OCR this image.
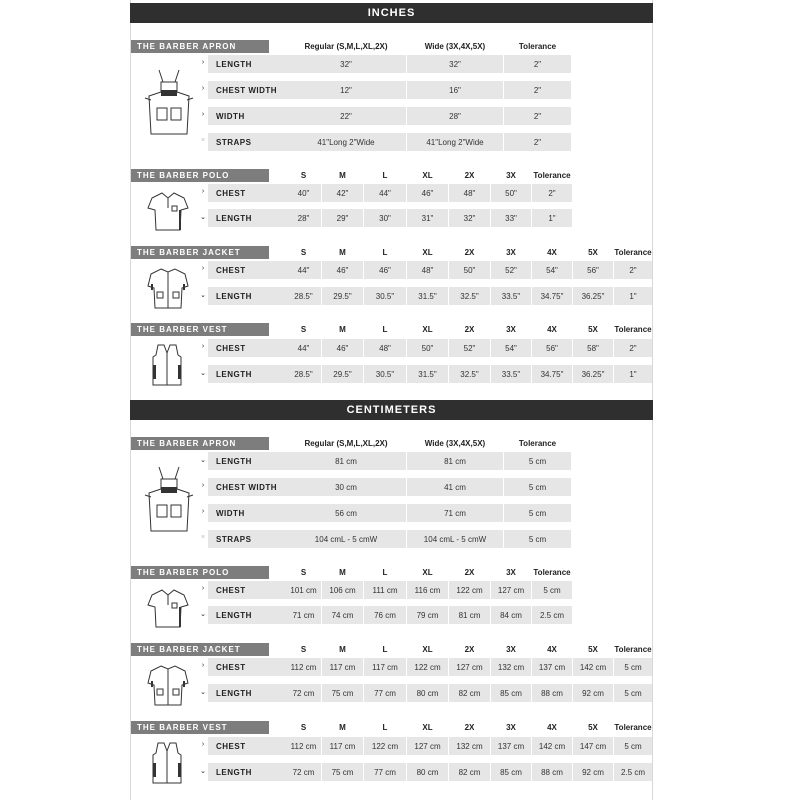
INCHES
THE BARBER APRON	Regular (S,M,L,XL,2X)	Wide (3X,4X,5X)	Tolerance
›	LENGTH	32"	32"	2"
›	CHEST WIDTH	12"	16"	2"
›	WIDTH	22"	28"	2"
×	STRAPS	41"Long 2"Wide	41"Long 2"Wide	2"
THE BARBER POLO	S	M	L	XL	2X	3X	Tolerance
›	CHEST	40"	42"	44"	46"	48"	50"	2"
⌄	LENGTH	28"	29"	30"	31"	32"	33"	1"
THE BARBER JACKET	S	M	L	XL	2X	3X	4X	5X	Tolerance
›	CHEST	44"	46"	46"	48"	50"	52"	54"	56"	2"
⌄	LENGTH	28.5"	29.5"	30.5"	31.5"	32.5"	33.5"	34.75"	36.25"	1"
THE BARBER VEST	S	M	L	XL	2X	3X	4X	5X	Tolerance
›	CHEST	44"	46"	48"	50"	52"	54"	56"	58"	2"
⌄	LENGTH	28.5"	29.5"	30.5"	31.5"	32.5"	33.5"	34.75"	36.25"	1"
CENTIMETERS
THE BARBER APRON	Regular (S,M,L,XL,2X)	Wide (3X,4X,5X)	Tolerance
⌄	LENGTH	81 cm	81 cm	5 cm
›	CHEST WIDTH	30 cm	41 cm	5 cm
›	WIDTH	56 cm	71 cm	5 cm
×	STRAPS	104 cmL - 5 cmW	104 cmL - 5 cmW	5 cm
THE BARBER POLO	S	M	L	XL	2X	3X	Tolerance
›	CHEST	101 cm	106 cm	111 cm	116 cm	122 cm	127 cm	5 cm
⌄	LENGTH	71 cm	74 cm	76 cm	79 cm	81 cm	84 cm	2.5 cm
THE BARBER JACKET	S	M	L	XL	2X	3X	4X	5X	Tolerance
›	CHEST	112 cm	117 cm	117 cm	122 cm	127 cm	132 cm	137 cm	142 cm	5 cm
⌄	LENGTH	72 cm	75 cm	77 cm	80 cm	82 cm	85 cm	88 cm	92 cm	5 cm
THE BARBER VEST	S	M	L	XL	2X	3X	4X	5X	Tolerance
›	CHEST	112 cm	117 cm	122 cm	127 cm	132 cm	137 cm	142 cm	147 cm	5 cm
⌄	LENGTH	72 cm	75 cm	77 cm	80 cm	82 cm	85 cm	88 cm	92 cm	2.5 cm
